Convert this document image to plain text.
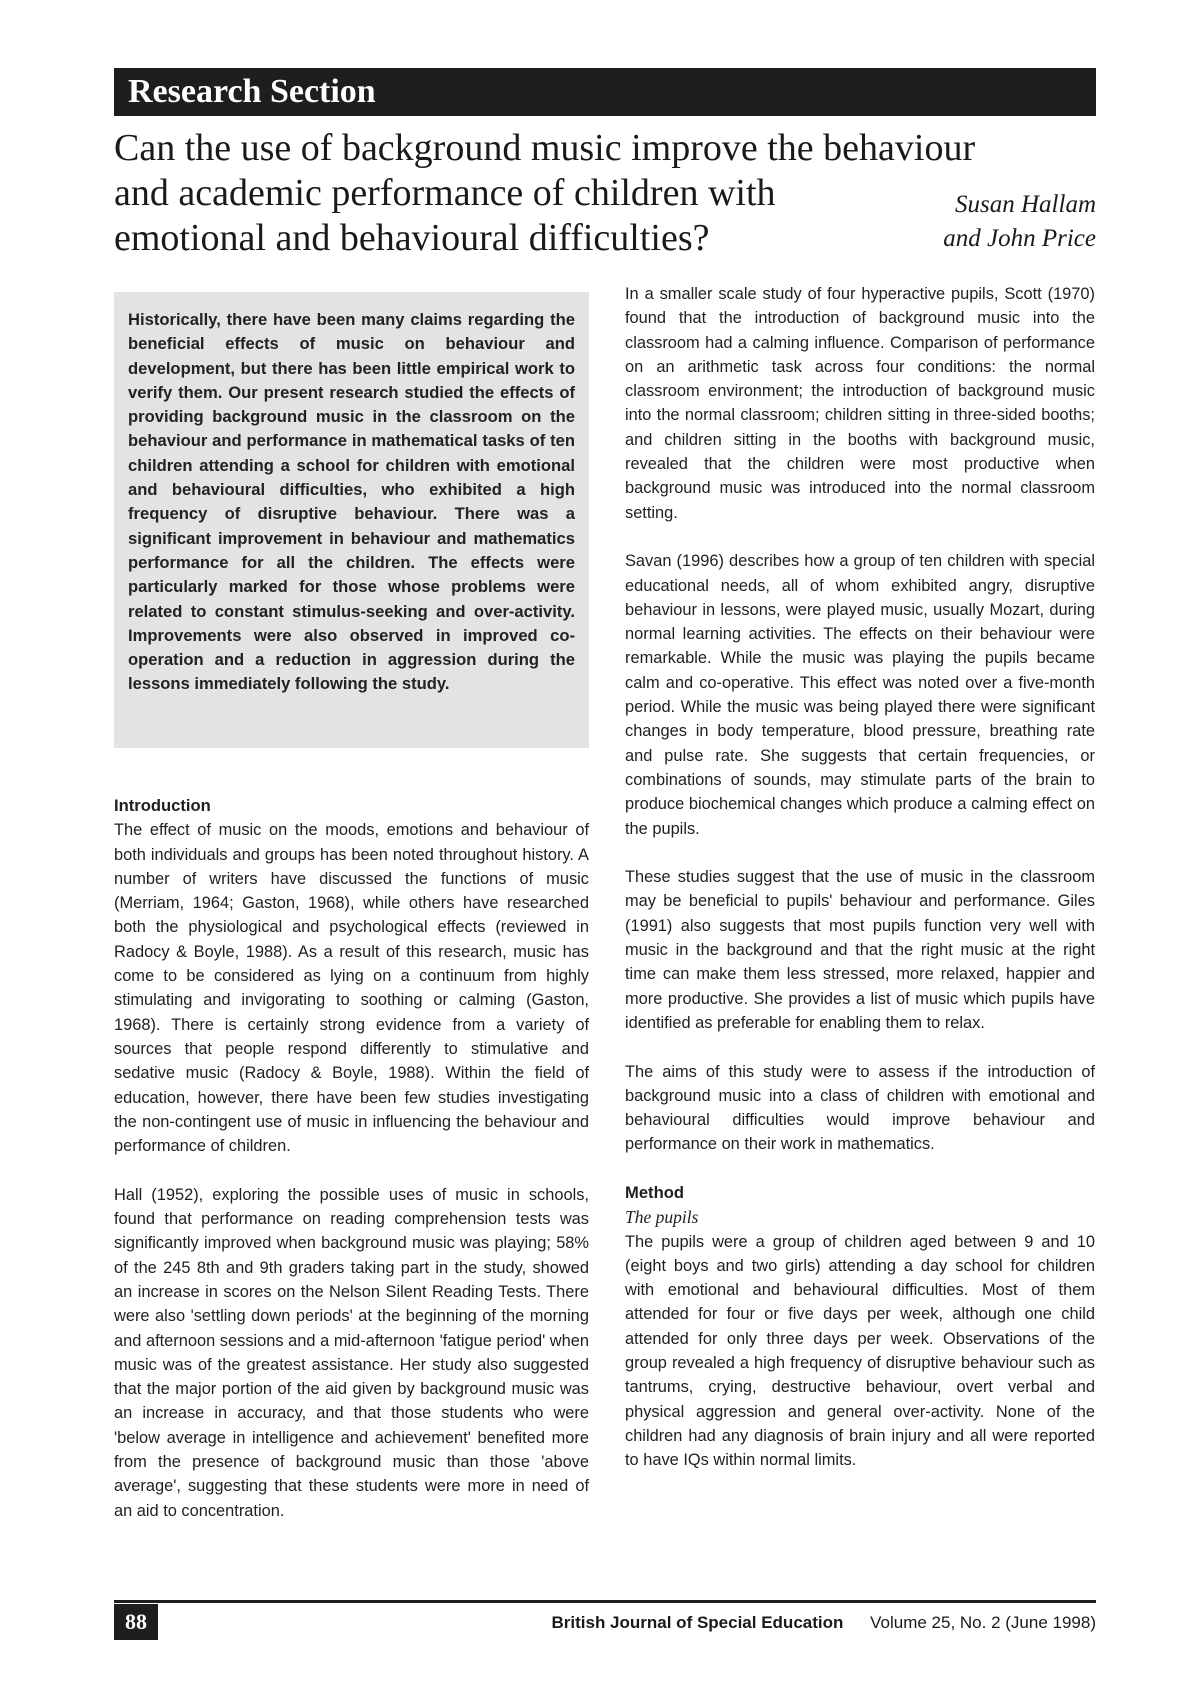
Research Section
Can the use of background music improve the behaviour
and academic performance of children with
emotional and behavioural difficulties?
Susan Hallam
and John Price

Historically, there have been many claims regarding the beneficial effects of music on behaviour and development, but there has been little empirical work to verify them. Our present research studied the effects of providing background music in the classroom on the behaviour and performance in mathematical tasks of ten children attending a school for children with emotional and behavioural difficulties, who exhibited a high frequency of disruptive behaviour. There was a significant improvement in behaviour and mathematics performance for all the children. The effects were particularly marked for those whose problems were related to constant stimulus-seeking and over-activity. Improvements were also observed in improved co-operation and a reduction in aggression during the lessons immediately following the study.

Introduction

The effect of music on the moods, emotions and behaviour of both individuals and groups has been noted throughout history. A number of writers have discussed the functions of music (Merriam, 1964; Gaston, 1968), while others have researched both the physiological and psychological effects (reviewed in Radocy & Boyle, 1988). As a result of this research, music has come to be considered as lying on a continuum from highly stimulating and invigorating to soothing or calming (Gaston, 1968). There is certainly strong evidence from a variety of sources that people respond differently to stimulative and sedative music (Radocy & Boyle, 1988). Within the field of education, however, there have been few studies investigating the non-contingent use of music in influencing the behaviour and performance of children.

Hall (1952), exploring the possible uses of music in schools, found that performance on reading comprehension tests was significantly improved when background music was playing; 58% of the 245 8th and 9th graders taking part in the study, showed an increase in scores on the Nelson Silent Reading Tests. There were also 'settling down periods' at the beginning of the morning and afternoon sessions and a mid-afternoon 'fatigue period' when music was of the greatest assistance. Her study also suggested that the major portion of the aid given by background music was an increase in accuracy, and that those students who were 'below average in intelligence and achievement' benefited more from the presence of background music than those 'above average', suggesting that these students were more in need of an aid to concentration.

In a smaller scale study of four hyperactive pupils, Scott (1970) found that the introduction of background music into the classroom had a calming influence. Comparison of performance on an arithmetic task across four conditions: the normal classroom environment; the introduction of background music into the normal classroom; children sitting in three-sided booths; and children sitting in the booths with background music, revealed that the children were most productive when background music was introduced into the normal classroom setting.

Savan (1996) describes how a group of ten children with special educational needs, all of whom exhibited angry, disruptive behaviour in lessons, were played music, usually Mozart, during normal learning activities. The effects on their behaviour were remarkable. While the music was playing the pupils became calm and co-operative. This effect was noted over a five-month period. While the music was being played there were significant changes in body temperature, blood pressure, breathing rate and pulse rate. She suggests that certain frequencies, or combinations of sounds, may stimulate parts of the brain to produce biochemical changes which produce a calming effect on the pupils.

These studies suggest that the use of music in the classroom may be beneficial to pupils' behaviour and performance. Giles (1991) also suggests that most pupils function very well with music in the background and that the right music at the right time can make them less stressed, more relaxed, happier and more productive. She provides a list of music which pupils have identified as preferable for enabling them to relax.

The aims of this study were to assess if the introduction of background music into a class of children with emotional and behavioural difficulties would improve behaviour and performance on their work in mathematics.

Method
The pupils

The pupils were a group of children aged between 9 and 10 (eight boys and two girls) attending a day school for children with emotional and behavioural difficulties. Most of them attended for four or five days per week, although one child attended for only three days per week. Observations of the group revealed a high frequency of disruptive behaviour such as tantrums, crying, destructive behaviour, overt verbal and physical aggression and general over-activity. None of the children had any diagnosis of brain injury and all were reported to have IQs within normal limits.

88	British Journal of Special Education Volume 25, No. 2 (June 1998)
